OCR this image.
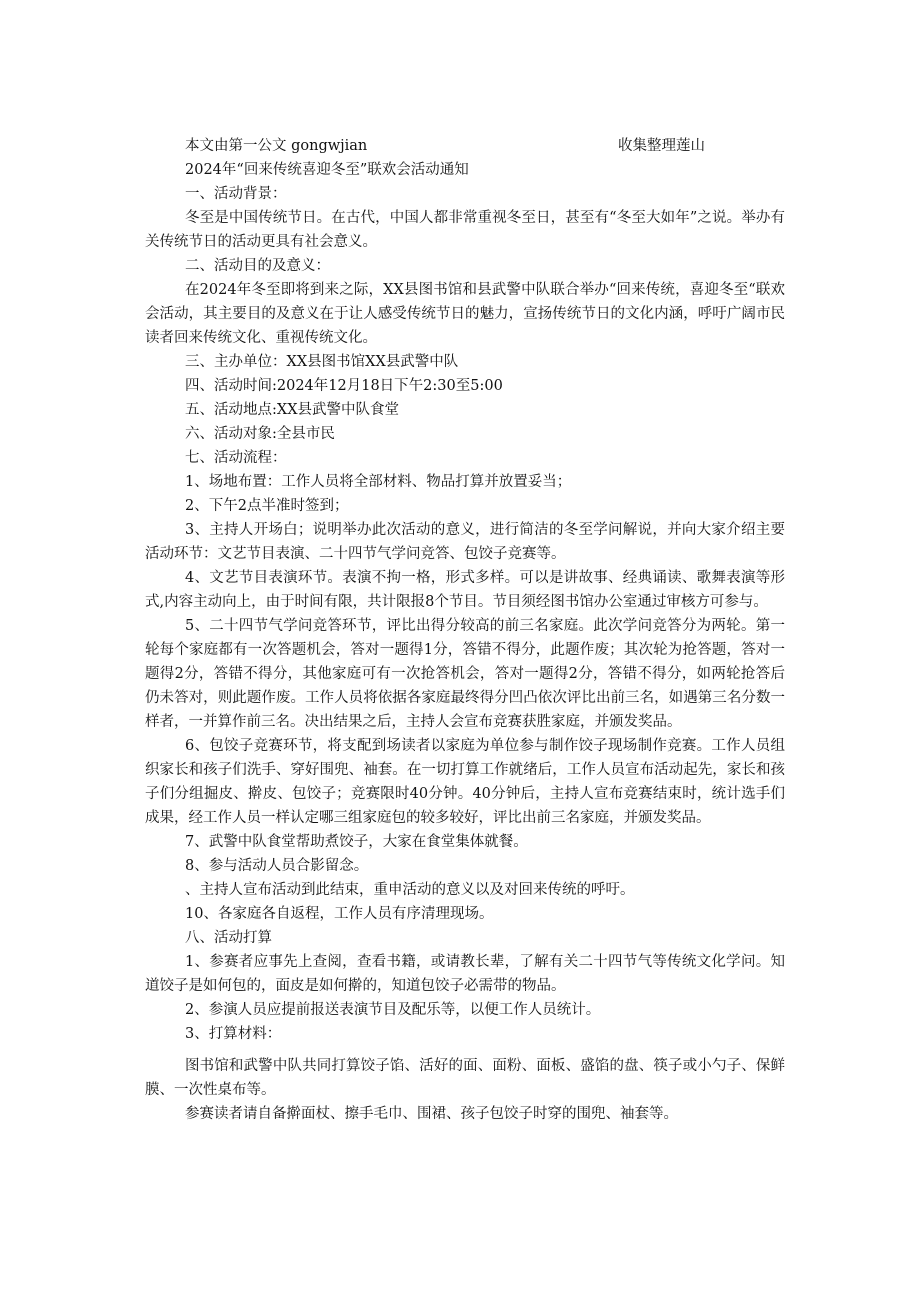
本文由第一公文 gongwjian	收集整理莲山

2024年“回来传统喜迎冬至”联欢会活动通知

一、活动背景：

冬至是中国传统节日。在古代，中国人都非常重视冬至日，甚至有“冬至大如年”之说。举办有关传统节日的活动更具有社会意义。

二、活动目的及意义：

在2024年冬至即将到来之际，XX县图书馆和县武警中队联合举办“回来传统，喜迎冬至“联欢会活动，其主要目的及意义在于让人感受传统节日的魅力，宣扬传统节日的文化内涵，呼吁广阔市民读者回来传统文化、重视传统文化。

三、主办单位：XX县图书馆XX县武警中队

四、活动时间:2024年12月18日下午2:30至5:00

五、活动地点:XX县武警中队食堂

六、活动对象:全县市民

七、活动流程：

1、场地布置：工作人员将全部材料、物品打算并放置妥当；

2、下午2点半准时签到；

3、主持人开场白；说明举办此次活动的意义，进行简洁的冬至学问解说，并向大家介绍主要活动环节：文艺节目表演、二十四节气学问竞答、包饺子竞赛等。

4、文艺节目表演环节。表演不拘一格，形式多样。可以是讲故事、经典诵读、歌舞表演等形式,内容主动向上，由于时间有限，共计限报8个节目。节目须经图书馆办公室通过审核方可参与。

5、二十四节气学问竞答环节，评比出得分较高的前三名家庭。此次学问竞答分为两轮。第一轮每个家庭都有一次答题机会，答对一题得1分，答错不得分，此题作废；其次轮为抢答题，答对一题得2分，答错不得分，其他家庭可有一次抢答机会，答对一题得2分，答错不得分，如两轮抢答后仍未答对，则此题作废。工作人员将依据各家庭最终得分凹凸依次评比出前三名，如遇第三名分数一样者，一并算作前三名。决出结果之后，主持人会宣布竞赛获胜家庭，并颁发奖品。

6、包饺子竞赛环节，将支配到场读者以家庭为单位参与制作饺子现场制作竞赛。工作人员组织家长和孩子们洗手、穿好围兜、袖套。在一切打算工作就绪后，工作人员宣布活动起先，家长和孩子们分组掘皮、擀皮、包饺子；竞赛限时40分钟。40分钟后，主持人宣布竞赛结束时，统计选手们成果，经工作人员一样认定哪三组家庭包的较多较好，评比出前三名家庭，并颁发奖品。

7、武警中队食堂帮助煮饺子，大家在食堂集体就餐。

8、参与活动人员合影留念。

、主持人宣布活动到此结束，重申活动的意义以及对回来传统的呼吁。

10、各家庭各自返程，工作人员有序清理现场。

八、活动打算

1、参赛者应事先上查阅，查看书籍，或请教长辈，了解有关二十四节气等传统文化学问。知道饺子是如何包的，面皮是如何擀的，知道包饺子必需带的物品。

2、参演人员应提前报送表演节目及配乐等，以便工作人员统计。

3、打算材料：

图书馆和武警中队共同打算饺子馅、活好的面、面粉、面板、盛馅的盘、筷子或小勺子、保鲜膜、一次性桌布等。

参赛读者请自备擀面杖、擦手毛巾、围裙、孩子包饺子时穿的围兜、袖套等。
